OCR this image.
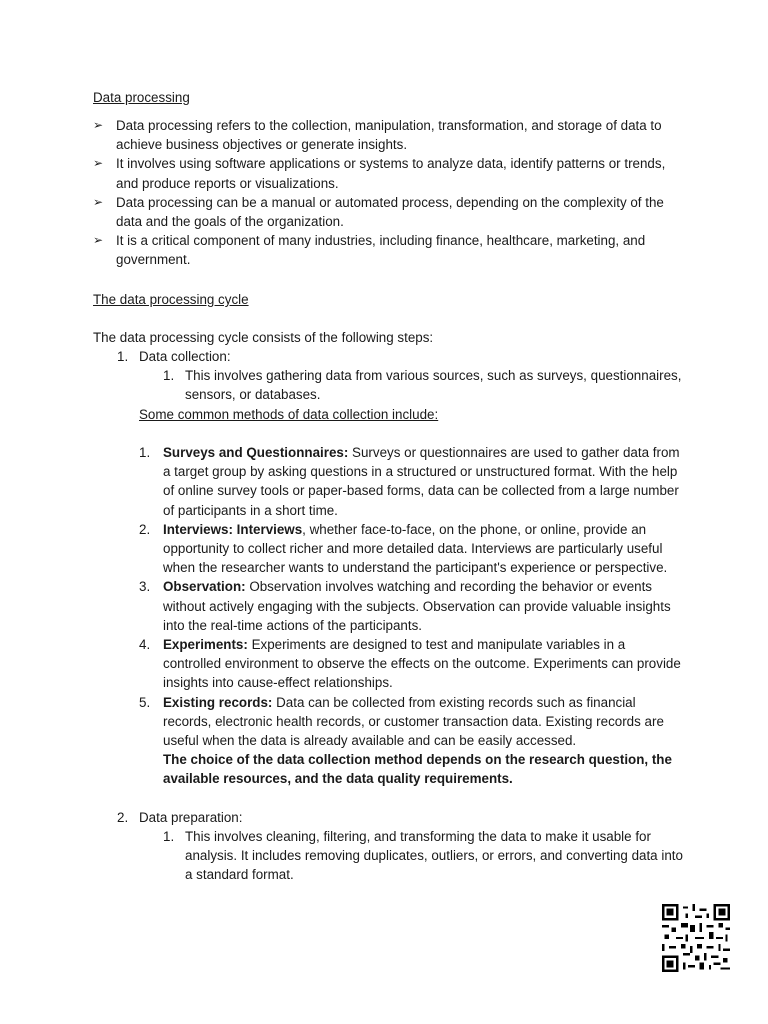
Data processing
➢ Data processing refers to the collection, manipulation, transformation, and storage of data to achieve business objectives or generate insights.
➢ It involves using software applications or systems to analyze data, identify patterns or trends, and produce reports or visualizations.
➢ Data processing can be a manual or automated process, depending on the complexity of the data and the goals of the organization.
➢ It is a critical component of many industries, including finance, healthcare, marketing, and government.
The data processing cycle
The data processing cycle consists of the following steps:
1. Data collection:
1. This involves gathering data from various sources, such as surveys, questionnaires, sensors, or databases.
Some common methods of data collection include:
1. Surveys and Questionnaires: Surveys or questionnaires are used to gather data from a target group by asking questions in a structured or unstructured format. With the help of online survey tools or paper-based forms, data can be collected from a large number of participants in a short time.
2. Interviews: Interviews, whether face-to-face, on the phone, or online, provide an opportunity to collect richer and more detailed data. Interviews are particularly useful when the researcher wants to understand the participant's experience or perspective.
3. Observation: Observation involves watching and recording the behavior or events without actively engaging with the subjects. Observation can provide valuable insights into the real-time actions of the participants.
4. Experiments: Experiments are designed to test and manipulate variables in a controlled environment to observe the effects on the outcome. Experiments can provide insights into cause-effect relationships.
5. Existing records: Data can be collected from existing records such as financial records, electronic health records, or customer transaction data. Existing records are useful when the data is already available and can be easily accessed.
The choice of the data collection method depends on the research question, the available resources, and the data quality requirements.
2. Data preparation:
1. This involves cleaning, filtering, and transforming the data to make it usable for analysis. It includes removing duplicates, outliers, or errors, and converting data into a standard format.
